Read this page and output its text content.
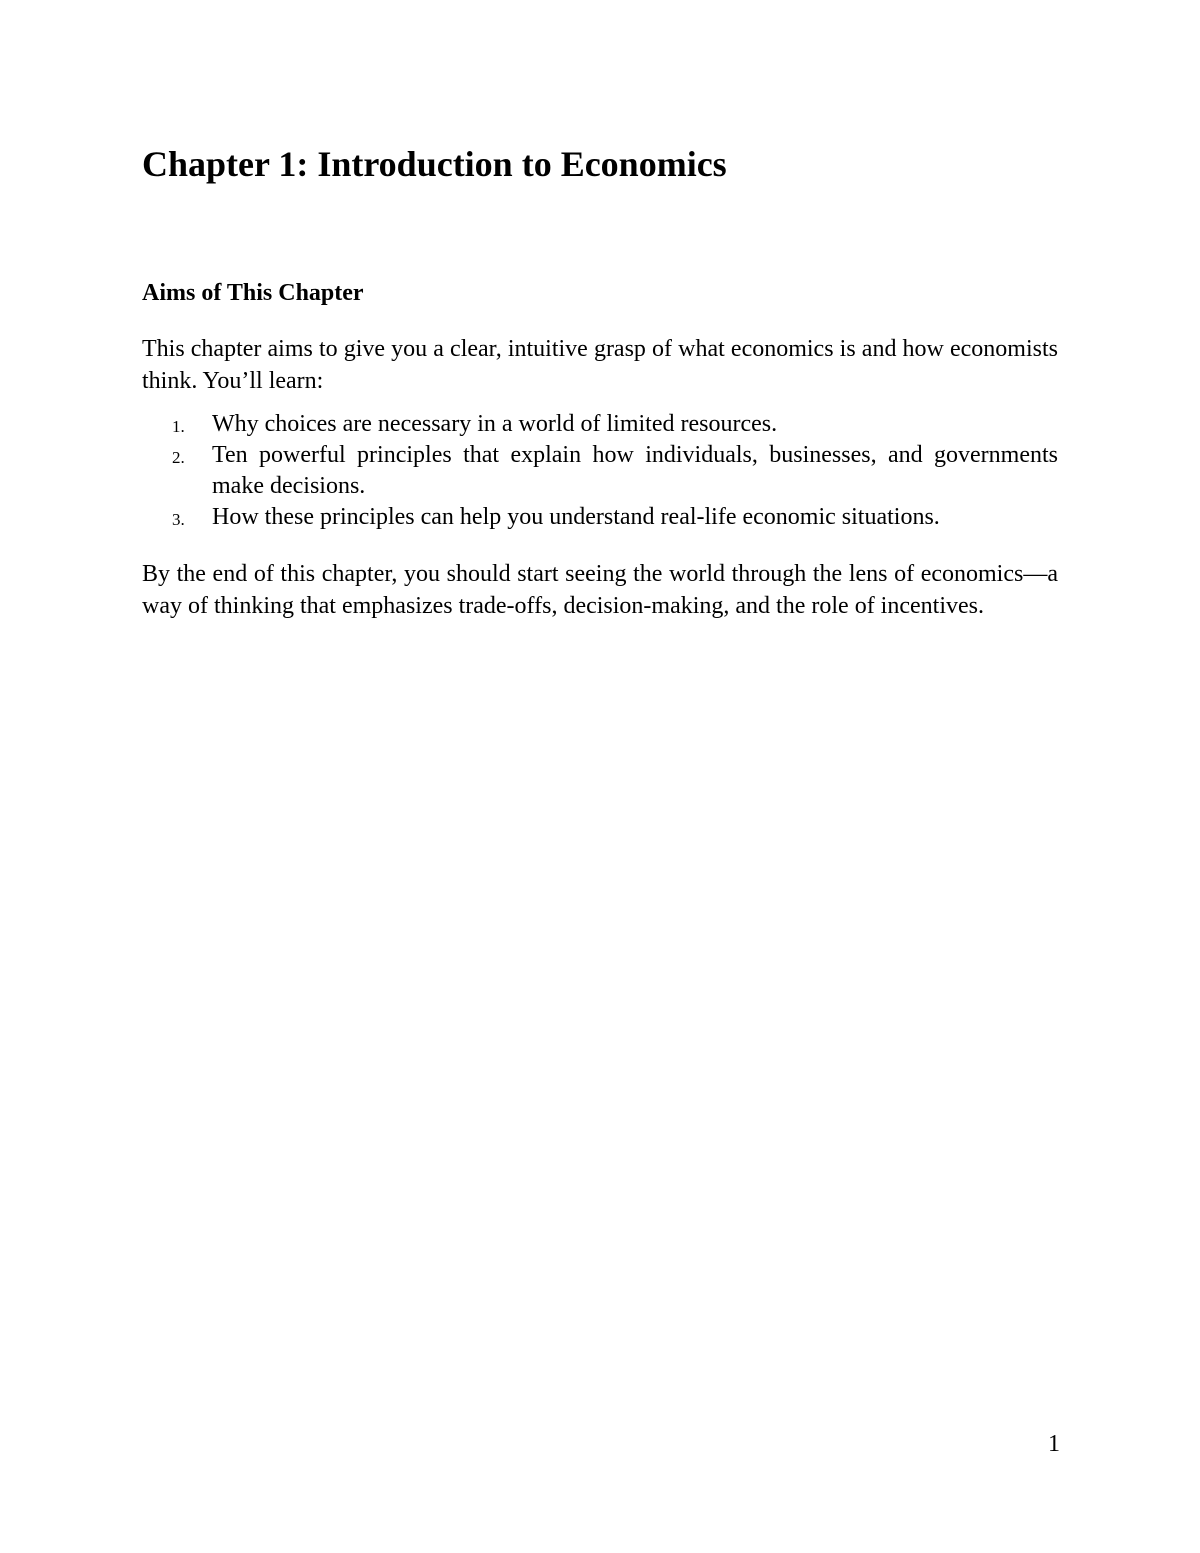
Chapter 1: Introduction to Economics
Aims of This Chapter

This chapter aims to give you a clear, intuitive grasp of what economics is and how economists think. You’ll learn:

1. Why choices are necessary in a world of limited resources.
2. Ten powerful principles that explain how individuals, businesses, and governments make decisions.
3. How these principles can help you understand real-life economic situations.

By the end of this chapter, you should start seeing the world through the lens of economics—a way of thinking that emphasizes trade-offs, decision-making, and the role of incentives.

1
